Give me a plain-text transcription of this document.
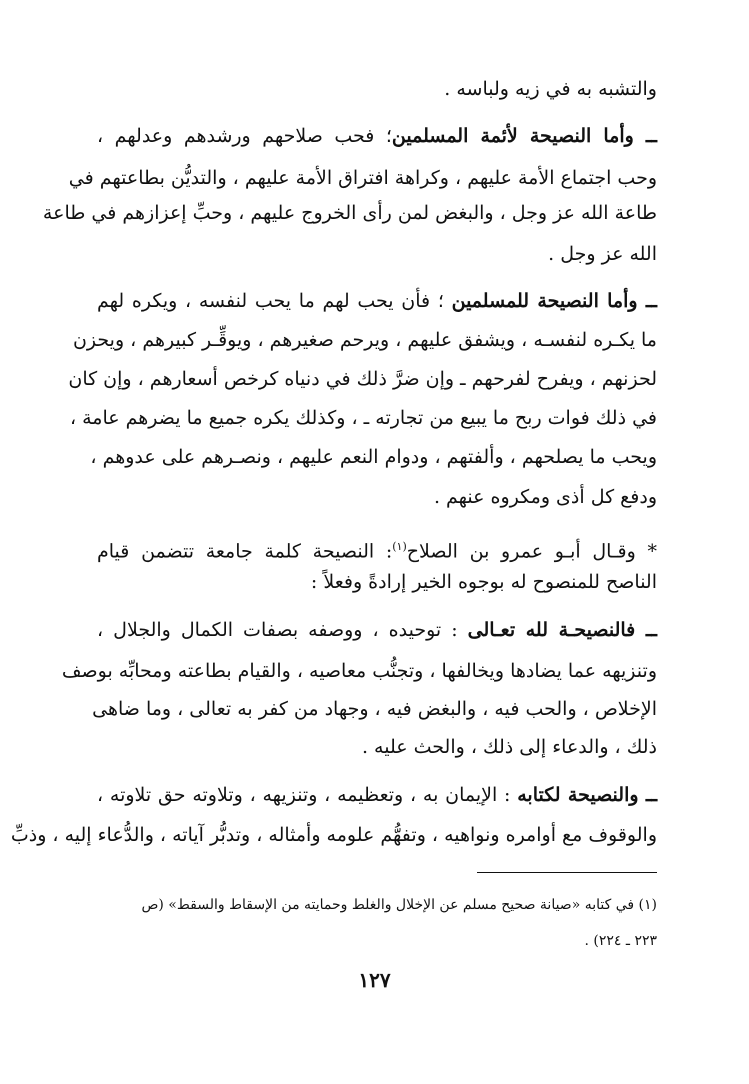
والتشبه به في زيه ولباسه .
ــ وأما النصيحة لأئمة المسلمين؛ فحب صلاحهم ورشدهم وعدلهم ،
وحب اجتماع الأمة عليهم ، وكراهة افتراق الأمة عليهم ، والتديُّن بطاعتهم في
طاعة الله عز وجل ، والبغض لمن رأى الخروج عليهم ، وحبِّ إعزازهم في طاعة
الله عز وجل .
ــ وأما النصيحة للمسلمين ؛ فأن يحب لهم ما يحب لنفسه ، ويكره لهم
ما يكـره لنفسـه ، ويشفق عليهم ، ويرحم صغيرهم ، ويوقِّـر كبيرهم ، ويحزن
لحزنهم ، ويفرح لفرحهم ـ وإن ضرَّ ذلك في دنياه كرخص أسعارهم ، وإن كان
في ذلك فوات ربح ما يبيع من تجارته ـ ، وكذلك يكره جميع ما يضرهم عامة ،
ويحب ما يصلحهم ، وألفتهم ، ودوام النعم عليهم ، ونصـرهم على عدوهم ،
ودفع كل أذى ومكروه عنهم .
* وقـال أبـو عمرو بن الصلاح$^{(١)}$: النصيحة كلمة جامعة تتضمن قيام
الناصح للمنصوح له بوجوه الخير إرادةً وفعلاً :
ــ فالنصيحـة لله تعـالى : توحيده ، ووصفه بصفات الكمال والجلال ،
وتنزيهه عما يضادها ويخالفها ، وتجنُّب معاصيه ، والقيام بطاعته ومحابِّه بوصف
الإخلاص ، والحب فيه ، والبغض فيه ، وجهاد من كفر به تعالى ، وما ضاهى
ذلك ، والدعاء إلى ذلك ، والحث عليه .
ــ والنصيحة لكتابه : الإيمان به ، وتعظيمه ، وتنزيهه ، وتلاوته حق تلاوته ،
والوقوف مع أوامره ونواهيه ، وتفهُّم علومه وأمثاله ، وتدبُّر آياته ، والدُّعاء إليه ، وذبِّ
(١) في كتابه «صيانة صحيح مسلم عن الإخلال والغلط وحمايته من الإسقاط والسقط» (ص
٢٢٣ ـ ٢٢٤) .
١٢٧
